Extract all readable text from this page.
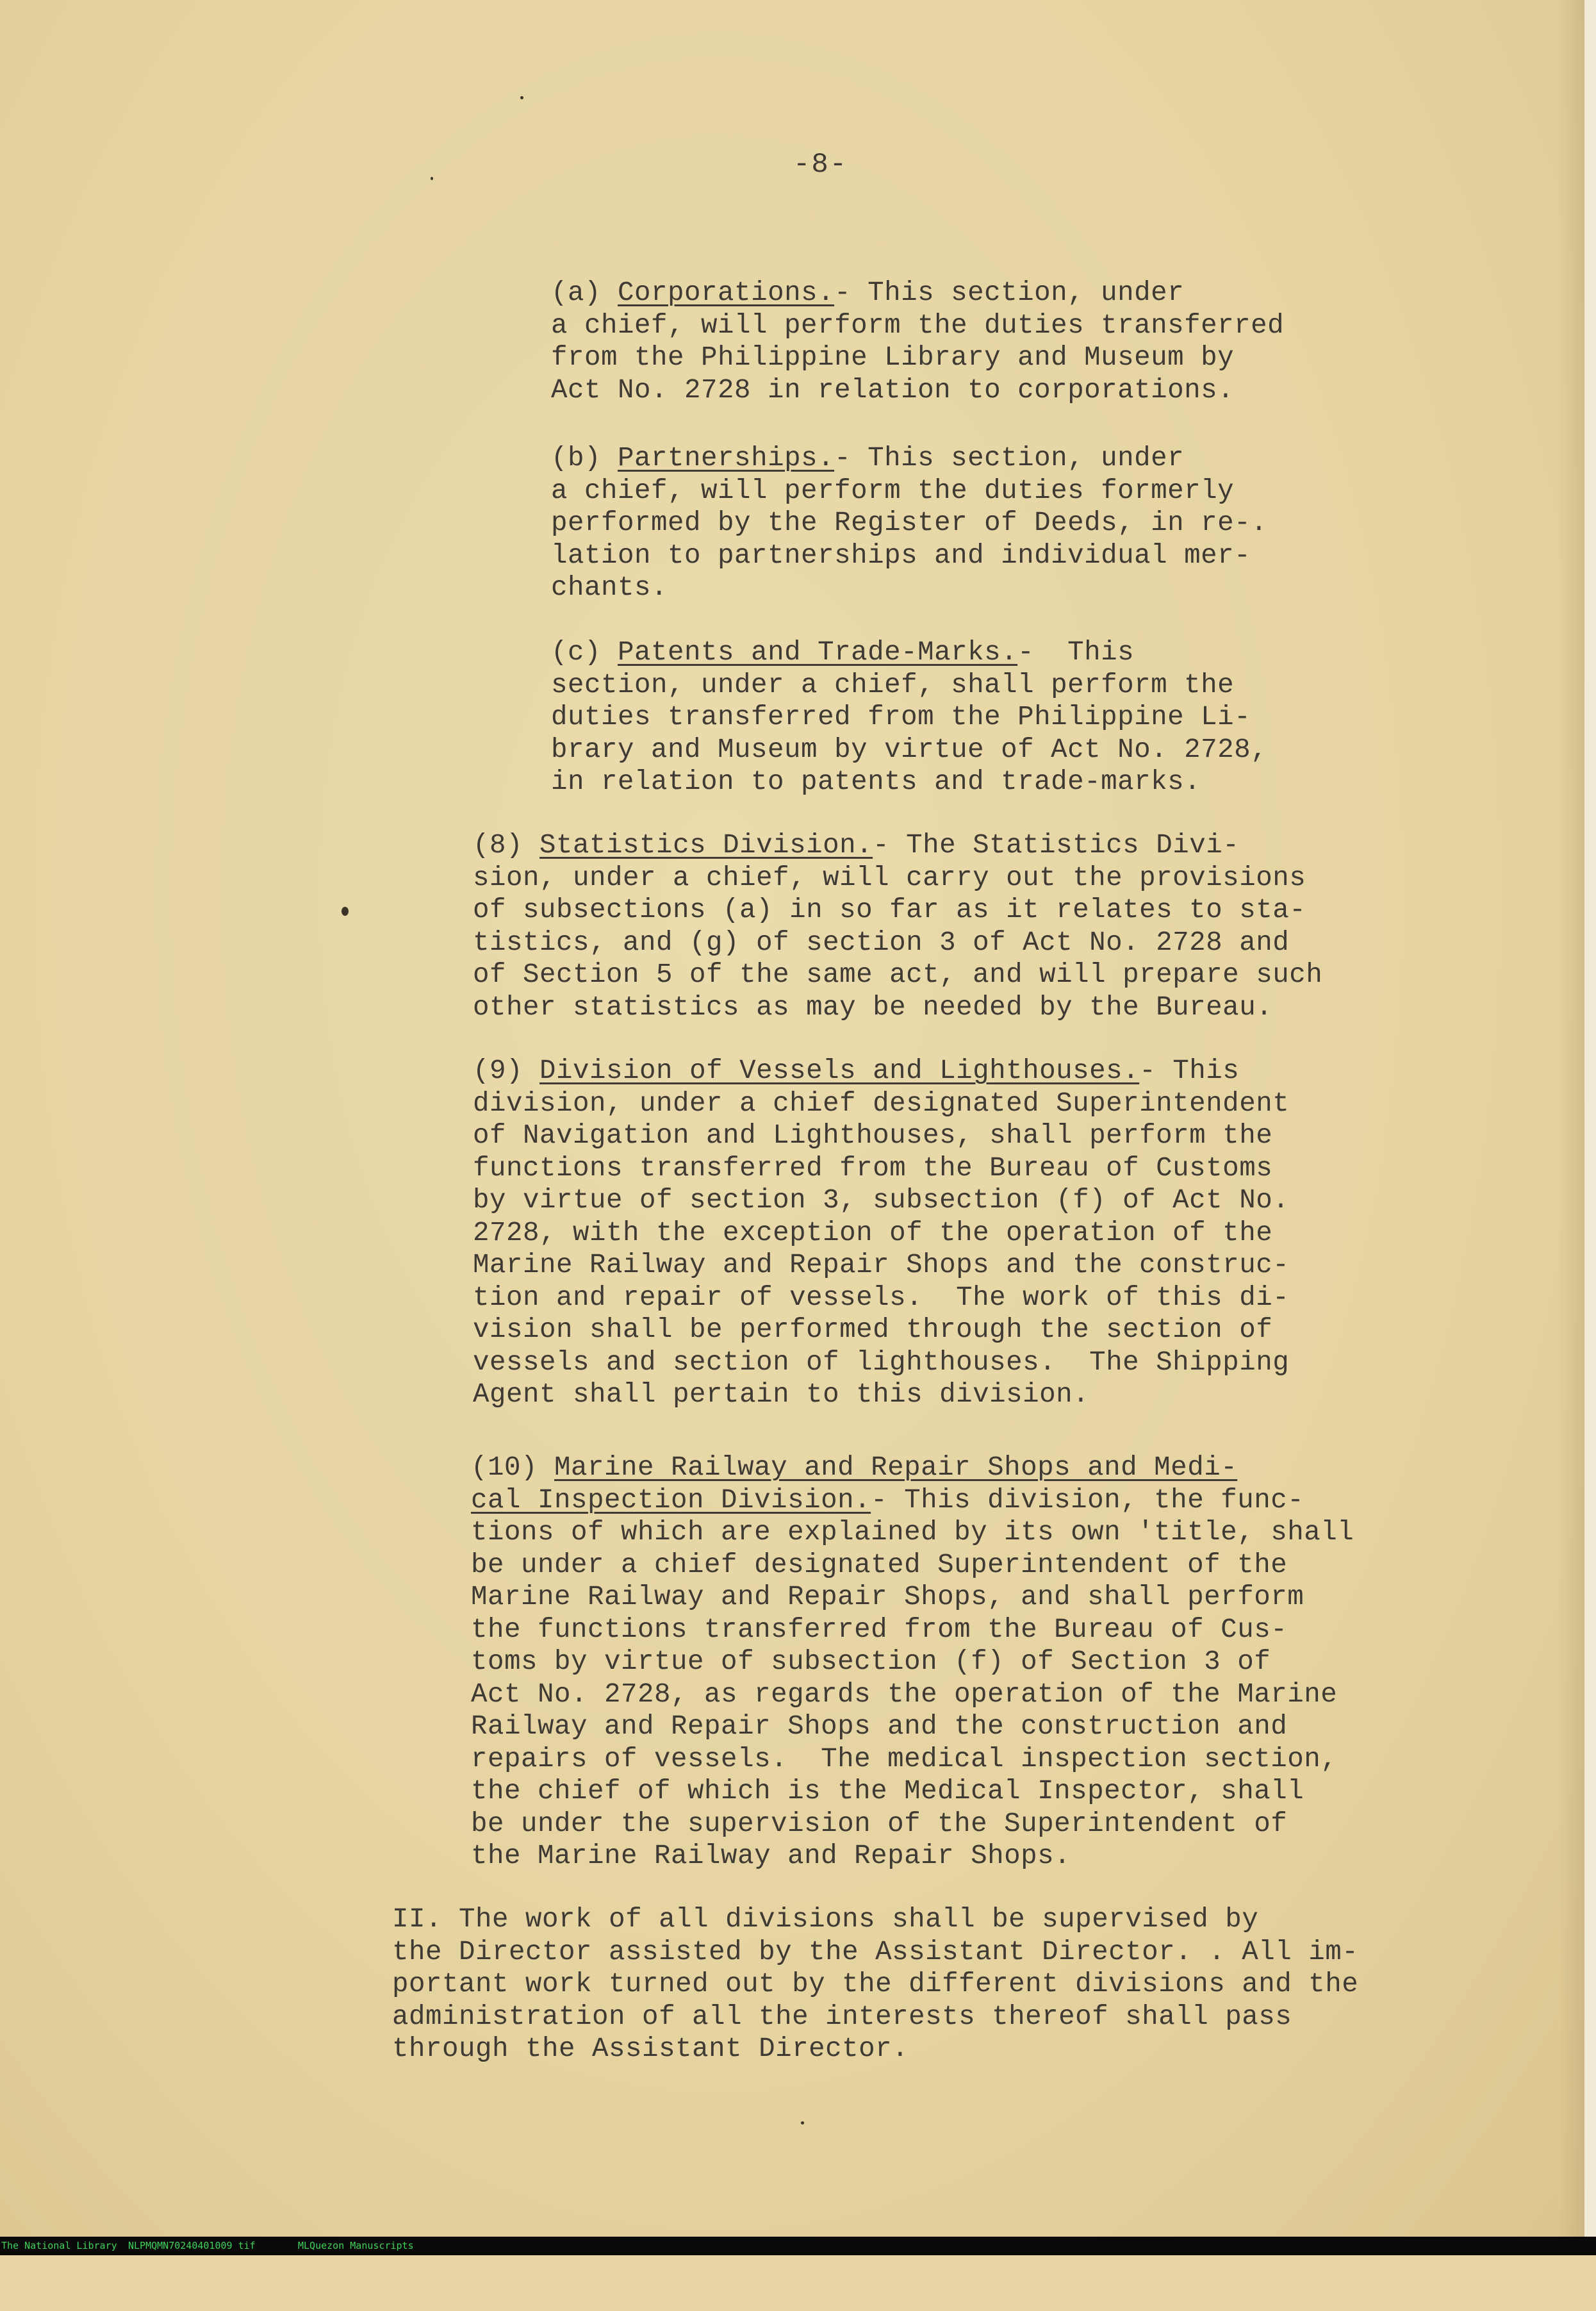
-8-

(a) Corporations.- This section, under
a chief, will perform the duties transferred
from the Philippine Library and Museum by
Act No. 2728 in relation to corporations.

(b) Partnerships.- This section, under
a chief, will perform the duties formerly
performed by the Register of Deeds, in re-.
lation to partnerships and individual mer-
chants.

(c) Patents and Trade-Marks.-  This
section, under a chief, shall perform the
duties transferred from the Philippine Li-
brary and Museum by virtue of Act No. 2728,
in relation to patents and trade-marks.

(8) Statistics Division.- The Statistics Divi-
sion, under a chief, will carry out the provisions
of subsections (a) in so far as it relates to sta-
tistics, and (g) of section 3 of Act No. 2728 and
of Section 5 of the same act, and will prepare such
other statistics as may be needed by the Bureau.

(9) Division of Vessels and Lighthouses.- This
division, under a chief designated Superintendent
of Navigation and Lighthouses, shall perform the
functions transferred from the Bureau of Customs
by virtue of section 3, subsection (f) of Act No.
2728, with the exception of the operation of the
Marine Railway and Repair Shops and the construc-
tion and repair of vessels.  The work of this di-
vision shall be performed through the section of
vessels and section of lighthouses.  The Shipping
Agent shall pertain to this division.

(10) Marine Railway and Repair Shops and Medi-
cal Inspection Division.- This division, the func-
tions of which are explained by its own 'title, shall
be under a chief designated Superintendent of the
Marine Railway and Repair Shops, and shall perform
the functions transferred from the Bureau of Cus-
toms by virtue of subsection (f) of Section 3 of
Act No. 2728, as regards the operation of the Marine
Railway and Repair Shops and the construction and
repairs of vessels.  The medical inspection section,
the chief of which is the Medical Inspector, shall
be under the supervision of the Superintendent of
the Marine Railway and Repair Shops.

II. The work of all divisions shall be supervised by
the Director assisted by the Assistant Director. . All im-
portant work turned out by the different divisions and the
administration of all the interests thereof shall pass
through the Assistant Director.

The National Library

NLPMQMN70240401009 tif

	MLQuezon Manuscripts
